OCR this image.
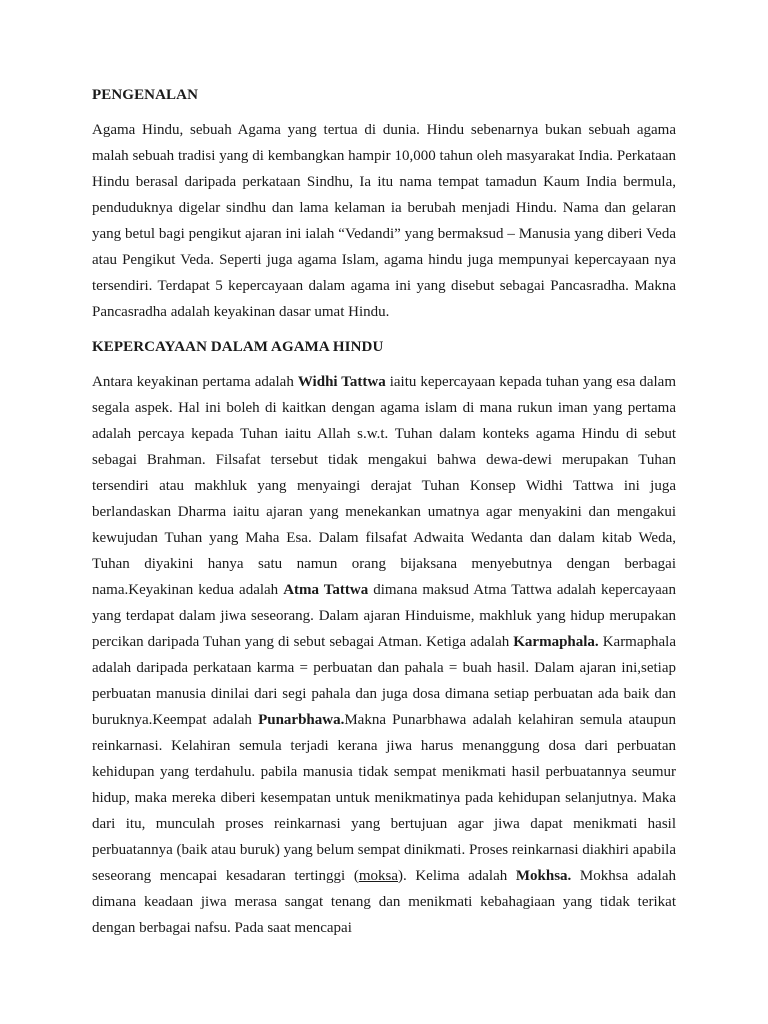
PENGENALAN

Agama Hindu, sebuah Agama yang tertua di dunia. Hindu sebenarnya bukan sebuah agama malah sebuah tradisi yang di kembangkan hampir 10,000 tahun oleh masyarakat India. Perkataan Hindu berasal daripada perkataan Sindhu, Ia itu nama tempat tamadun Kaum India bermula, penduduknya digelar sindhu dan lama kelaman ia berubah menjadi Hindu. Nama dan gelaran yang betul bagi pengikut ajaran ini ialah “Vedandi” yang bermaksud – Manusia yang diberi Veda atau Pengikut Veda. Seperti juga agama Islam, agama hindu juga mempunyai kepercayaan nya tersendiri. Terdapat 5 kepercayaan dalam agama ini yang disebut sebagai Pancasradha. Makna Pancasradha adalah keyakinan dasar umat Hindu.

KEPERCAYAAN DALAM AGAMA HINDU

Antara keyakinan pertama adalah Widhi Tattwa iaitu kepercayaan kepada tuhan yang esa dalam segala aspek. Hal ini boleh di kaitkan dengan agama islam di mana rukun iman yang pertama adalah percaya kepada Tuhan iaitu Allah s.w.t. Tuhan dalam konteks agama Hindu di sebut sebagai Brahman. Filsafat tersebut tidak mengakui bahwa dewa-dewi merupakan Tuhan tersendiri atau makhluk yang menyaingi derajat Tuhan Konsep Widhi Tattwa ini juga berlandaskan Dharma iaitu ajaran yang menekankan umatnya agar menyakini dan mengakui kewujudan Tuhan yang Maha Esa. Dalam filsafat Adwaita Wedanta dan dalam kitab Weda, Tuhan diyakini hanya satu namun orang bijaksana menyebutnya dengan berbagai nama.Keyakinan kedua adalah Atma Tattwa dimana maksud Atma Tattwa adalah kepercayaan yang terdapat dalam jiwa seseorang. Dalam ajaran Hinduisme, makhluk yang hidup merupakan percikan daripada Tuhan yang di sebut sebagai Atman. Ketiga adalah Karmaphala. Karmaphala adalah daripada perkataan karma = perbuatan dan pahala = buah hasil. Dalam ajaran ini,setiap perbuatan manusia dinilai dari segi pahala dan juga dosa dimana setiap perbuatan ada baik dan buruknya.Keempat adalah Punarbhawa.Makna Punarbhawa adalah kelahiran semula ataupun reinkarnasi. Kelahiran semula terjadi kerana jiwa harus menanggung dosa dari perbuatan kehidupan yang terdahulu. pabila manusia tidak sempat menikmati hasil perbuatannya seumur hidup, maka mereka diberi kesempatan untuk menikmatinya pada kehidupan selanjutnya. Maka dari itu, munculah proses reinkarnasi yang bertujuan agar jiwa dapat menikmati hasil perbuatannya (baik atau buruk) yang belum sempat dinikmati. Proses reinkarnasi diakhiri apabila seseorang mencapai kesadaran tertinggi (moksa). Kelima adalah Mokhsa. Mokhsa adalah dimana keadaan jiwa merasa sangat tenang dan menikmati kebahagiaan yang tidak terikat dengan berbagai nafsu. Pada saat mencapai
